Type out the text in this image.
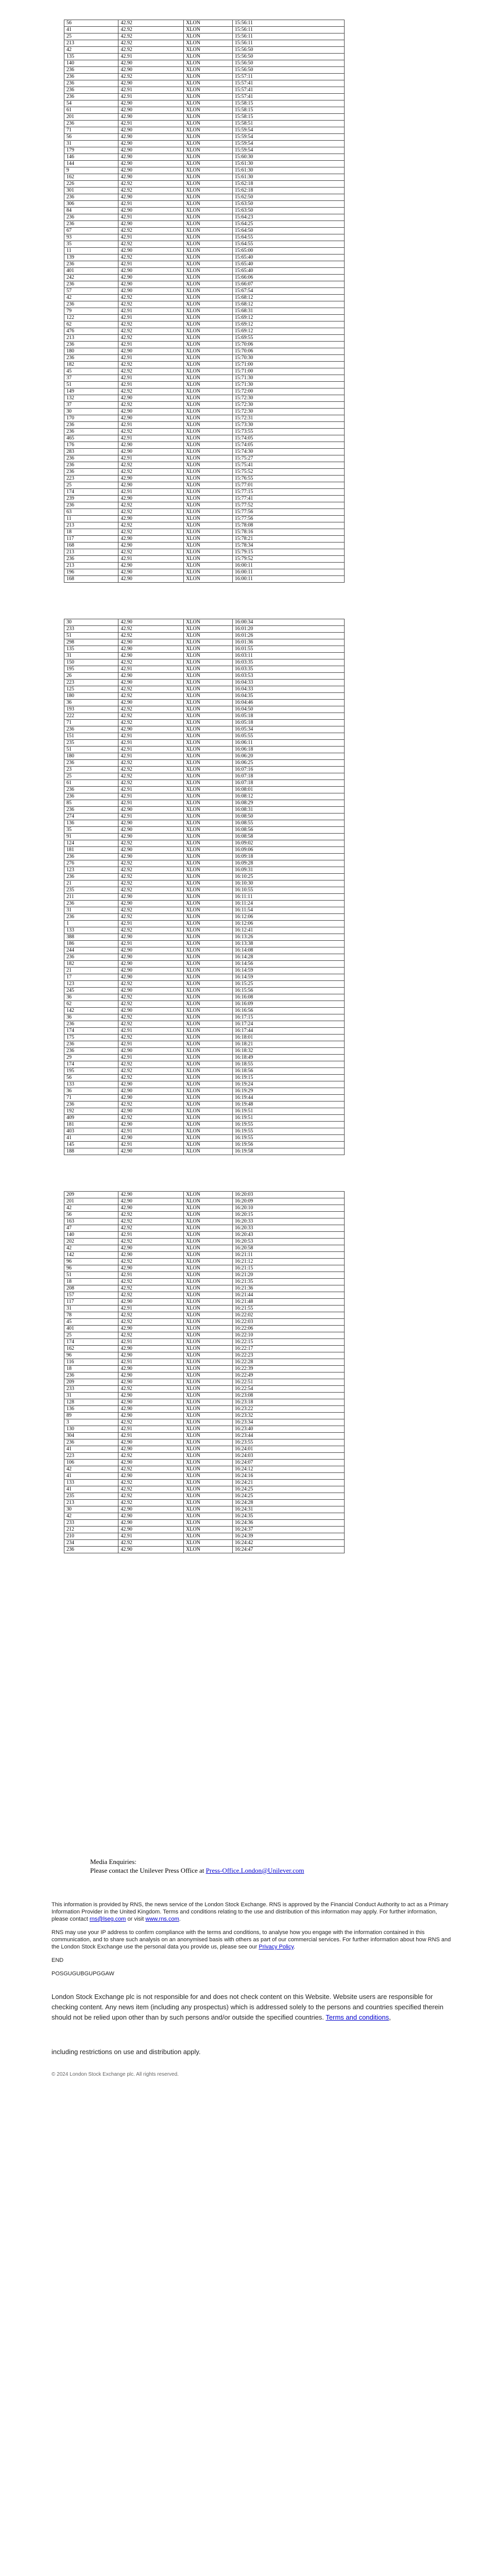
56	42.92	XLON	15:56:11
41	42.92	XLON	15:56:11
25	42.92	XLON	15:56:11
213	42.92	XLON	15:56:11
42	42.92	XLON	15:56:50
135	42.91	XLON	15:56:50
140	42.90	XLON	15:56:50
236	42.90	XLON	15:56:50
236	42.92	XLON	15:57:11
236	42.90	XLON	15:57:41
236	42.91	XLON	15:57:41
236	42.91	XLON	15:57:41
54	42.90	XLON	15:58:15
61	42.90	XLON	15:58:15
201	42.90	XLON	15:58:15
236	42.91	XLON	15:58:51
71	42.90	XLON	15:59:54
56	42.90	XLON	15:59:54
31	42.90	XLON	15:59:54
179	42.90	XLON	15:59:54
146	42.90	XLON	15:60:30
144	42.90	XLON	15:61:30
9	42.90	XLON	15:61:30
162	42.90	XLON	15:61:30
226	42.92	XLON	15:62:18
301	42.92	XLON	15:62:18
236	42.90	XLON	15:62:50
306	42.91	XLON	15:63:50
84	42.90	XLON	15:63:50
236	42.91	XLON	15:64:23
236	42.90	XLON	15:64:25
67	42.92	XLON	15:64:50
93	42.91	XLON	15:64:55
35	42.92	XLON	15:64:55
11	42.90	XLON	15:65:00
139	42.92	XLON	15:65:40
236	42.91	XLON	15:65:40
401	42.90	XLON	15:65:40
242	42.90	XLON	15:66:06
236	42.90	XLON	15:66:07
57	42.90	XLON	15:67:54
42	42.92	XLON	15:68:12
236	42.92	XLON	15:68:12
79	42.91	XLON	15:68:31
122	42.91	XLON	15:69:12
62	42.92	XLON	15:69:12
476	42.92	XLON	15:69:12
213	42.92	XLON	15:69:55
236	42.91	XLON	15:70:06
180	42.90	XLON	15:70:06
236	42.91	XLON	15:70:30
182	42.92	XLON	15:71:00
45	42.92	XLON	15:71:00
37	42.91	XLON	15:71:30
51	42.91	XLON	15:71:30
149	42.92	XLON	15:72:00
132	42.90	XLON	15:72:30
37	42.92	XLON	15:72:30
30	42.90	XLON	15:72:30
170	42.90	XLON	15:72:31
236	42.91	XLON	15:73:30
236	42.92	XLON	15:73:55
465	42.91	XLON	15:74:05
176	42.90	XLON	15:74:05
283	42.90	XLON	15:74:30
236	42.91	XLON	15:75:27
236	42.92	XLON	15:75:41
236	42.92	XLON	15:75:52
223	42.90	XLON	15:76:55
25	42.90	XLON	15:77:01
174	42.91	XLON	15:77:15
239	42.90	XLON	15:77:41
236	42.92	XLON	15:77:52
63	42.92	XLON	15:77:56
11	42.90	XLON	15:77:56
213	42.92	XLON	15:78:08
18	42.92	XLON	15:78:16
117	42.90	XLON	15:78:21
168	42.90	XLON	15:78:34
213	42.92	XLON	15:79:15
236	42.91	XLON	15:79:52
213	42.90	XLON	16:00:11
196	42.90	XLON	16:00:11
168	42.90	XLON	16:00:11
30	42.90	XLON	16:00:34
233	42.92	XLON	16:01:20
51	42.92	XLON	16:01:26
298	42.90	XLON	16:01:36
135	42.90	XLON	16:01:55
31	42.90	XLON	16:03:11
150	42.92	XLON	16:03:35
195	42.91	XLON	16:03:35
26	42.90	XLON	16:03:53
223	42.90	XLON	16:04:33
125	42.92	XLON	16:04:33
180	42.92	XLON	16:04:35
36	42.90	XLON	16:04:46
193	42.92	XLON	16:04:50
222	42.92	XLON	16:05:18
71	42.92	XLON	16:05:18
236	42.90	XLON	16:05:34
151	42.91	XLON	16:05:55
235	42.91	XLON	16:06:11
51	42.91	XLON	16:06:18
180	42.91	XLON	16:06:20
236	42.92	XLON	16:06:25
23	42.92	XLON	16:07:16
25	42.92	XLON	16:07:18
61	42.92	XLON	16:07:18
236	42.91	XLON	16:08:01
236	42.91	XLON	16:08:12
85	42.91	XLON	16:08:29
236	42.90	XLON	16:08:31
274	42.91	XLON	16:08:50
136	42.90	XLON	16:08:55
35	42.90	XLON	16:08:56
91	42.90	XLON	16:08:58
124	42.92	XLON	16:09:02
181	42.90	XLON	16:09:06
236	42.90	XLON	16:09:18
276	42.92	XLON	16:09:28
123	42.92	XLON	16:09:31
236	42.92	XLON	16:10:25
21	42.92	XLON	16:10:30
235	42.92	XLON	16:10:55
211	42.90	XLON	16:11:11
236	42.90	XLON	16:11:24
31	42.92	XLON	16:11:54
236	42.92	XLON	16:12:06
1	42.91	XLON	16:12:06
133	42.92	XLON	16:12:41
388	42.90	XLON	16:13:26
186	42.91	XLON	16:13:38
244	42.90	XLON	16:14:08
236	42.90	XLON	16:14:28
182	42.90	XLON	16:14:56
21	42.90	XLON	16:14:59
17	42.90	XLON	16:14:59
123	42.92	XLON	16:15:25
245	42.90	XLON	16:15:56
36	42.92	XLON	16:16:08
62	42.92	XLON	16:16:09
142	42.90	XLON	16:16:56
36	42.92	XLON	16:17:15
236	42.92	XLON	16:17:24
174	42.91	XLON	16:17:44
175	42.92	XLON	16:18:01
236	42.91	XLON	16:18:21
236	42.90	XLON	16:18:32
29	42.91	XLON	16:18:49
174	42.92	XLON	16:18:55
195	42.92	XLON	16:18:56
56	42.92	XLON	16:19:15
133	42.90	XLON	16:19:24
36	42.90	XLON	16:19:29
71	42.90	XLON	16:19:44
236	42.92	XLON	16:19:48
192	42.90	XLON	16:19:51
409	42.92	XLON	16:19:51
181	42.90	XLON	16:19:55
403	42.91	XLON	16:19:55
41	42.90	XLON	16:19:55
145	42.91	XLON	16:19:56
188	42.90	XLON	16:19:58
209	42.90	XLON	16:20:03
201	42.90	XLON	16:20:09
42	42.90	XLON	16:20:10
56	42.92	XLON	16:20:15
163	42.92	XLON	16:20:33
47	42.92	XLON	16:20:33
140	42.91	XLON	16:20:43
202	42.92	XLON	16:20:53
42	42.90	XLON	16:20:58
142	42.90	XLON	16:21:11
96	42.92	XLON	16:21:12
96	42.90	XLON	16:21:15
51	42.91	XLON	16:21:20
18	42.92	XLON	16:21:35
208	42.92	XLON	16:21:36
157	42.92	XLON	16:21:44
117	42.90	XLON	16:21:48
31	42.91	XLON	16:21:55
78	42.92	XLON	16:22:02
45	42.92	XLON	16:22:03
401	42.90	XLON	16:22:06
25	42.92	XLON	16:22:10
174	42.91	XLON	16:22:15
162	42.90	XLON	16:22:17
96	42.90	XLON	16:22:23
116	42.91	XLON	16:22:28
18	42.90	XLON	16:22:39
236	42.90	XLON	16:22:49
209	42.90	XLON	16:22:51
233	42.92	XLON	16:22:54
31	42.90	XLON	16:23:08
128	42.90	XLON	16:23:18
136	42.90	XLON	16:23:22
89	42.90	XLON	16:23:32
3	42.92	XLON	16:23:34
130	42.91	XLON	16:23:40
304	42.91	XLON	16:23:44
236	42.90	XLON	16:23:55
41	42.90	XLON	16:24:01
223	42.92	XLON	16:24:03
106	42.90	XLON	16:24:07
42	42.92	XLON	16:24:12
41	42.90	XLON	16:24:16
133	42.92	XLON	16:24:21
41	42.92	XLON	16:24:25
235	42.92	XLON	16:24:25
213	42.92	XLON	16:24:28
30	42.90	XLON	16:24:31
42	42.90	XLON	16:24:35
233	42.90	XLON	16:24:36
212	42.90	XLON	16:24:37
210	42.91	XLON	16:24:39
234	42.92	XLON	16:24:42
236	42.90	XLON	16:24:47
Media Enquiries:
Please contact the Unilever Press Office at Press-Office.London@Unilever.com

This information is provided by RNS, the news service of the London Stock Exchange. RNS is approved by the Financial Conduct Authority to act as a Primary Information Provider in the United Kingdom. Terms and conditions relating to the use and distribution of this information may apply. For further information, please contact rns@lseg.com or visit www.rns.com.

RNS may use your IP address to confirm compliance with the terms and conditions, to analyse how you engage with the information contained in this communication, and to share such analysis on an anonymised basis with others as part of our commercial services. For further information about how RNS and the London Stock Exchange use the personal data you provide us, please see our Privacy Policy.

END

POSGUGUBGUPGGAW

London Stock Exchange plc is not responsible for and does not check content on this Website. Website users are responsible for checking content. Any news item (including any prospectus) which is addressed solely to the persons and countries specified therein should not be relied upon other than by such persons and/or outside the specified countries. Terms and conditions,

including restrictions on use and distribution apply.

© 2024 London Stock Exchange plc. All rights reserved.
